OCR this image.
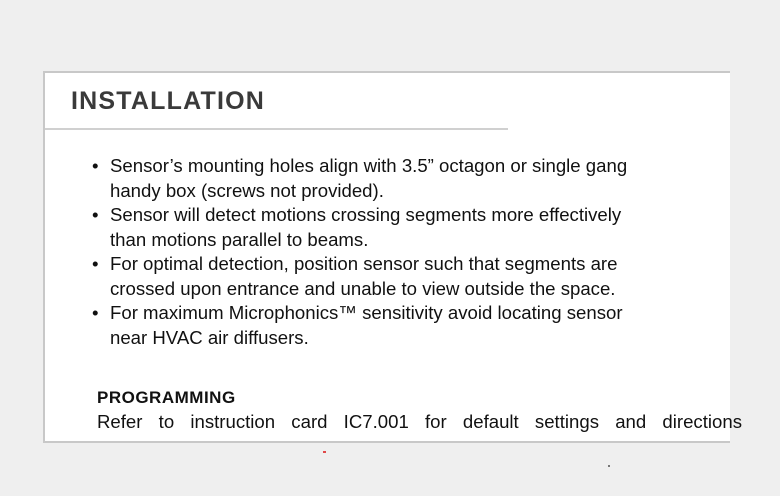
INSTALLATION
• Sensor’s mounting holes align with 3.5” octagon or single gang
handy box (screws not provided).
• Sensor will detect motions crossing segments more effectively
than motions parallel to beams.
• For optimal detection, position sensor such that segments are
crossed upon entrance and unable to view outside the space.
• For maximum Microphonics™ sensitivity avoid locating sensor
near HVAC air diffusers.
PROGRAMMING

Refer to instruction card IC7.001 for default settings and directions
